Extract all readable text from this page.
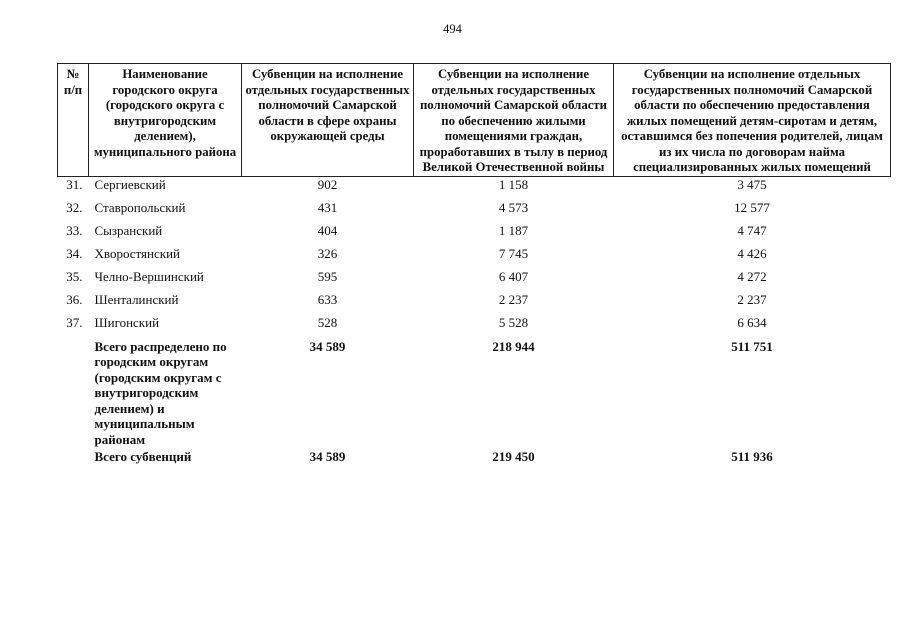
494
№ п/п	Наименование городского округа (городского округа с внутригородским делением), муниципального района	Субвенции на исполнение отдельных государственных полномочий Самарской области в сфере охраны окружающей среды	Субвенции на исполнение отдельных государственных полномочий Самарской области по обеспечению жилыми помещениями граждан, проработавших в тылу в период Великой Отечественной войны	Субвенции на исполнение отдельных государственных полномочий Самарской области по обеспечению предоставления жилых помещений детям-сиротам и детям, оставшимся без попечения родителей, лицам из их числа по договорам найма специализированных жилых помещений
31.	Сергиевский	902	1 158	3 475
32.	Ставропольский	431	4 573	12 577
33.	Сызранский	404	1 187	4 747
34.	Хворостянский	326	7 745	4 426
35.	Челно-Вершинский	595	6 407	4 272
36.	Шенталинский	633	2 237	2 237
37.	Шигонский	528	5 528	6 634
	Всего распределено по городским округам (городским округам с внутригородским делением) и муниципальным районам	34 589	218 944	511 751
	Всего субвенций	34 589	219 450	511 936
